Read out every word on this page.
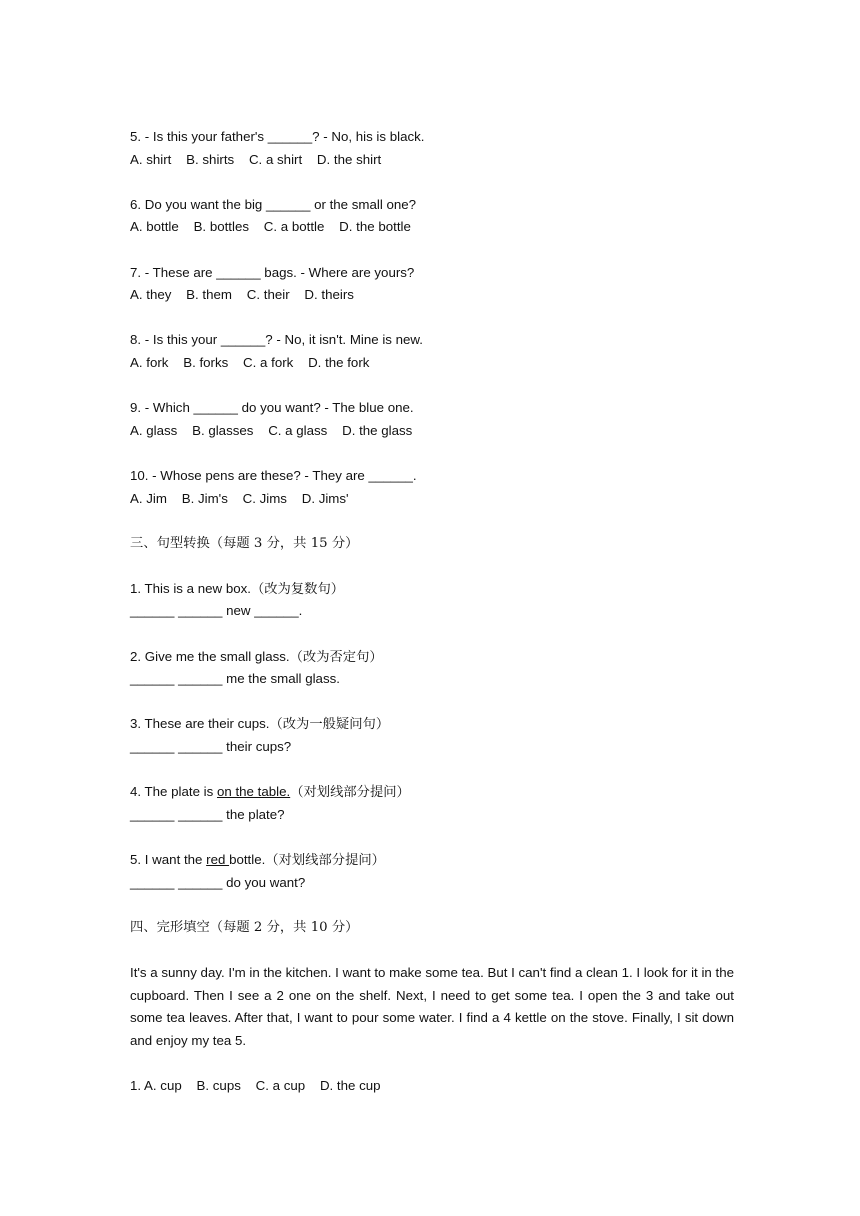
5. - Is this your father's ______? - No, his is black.
A. shirt    B. shirts    C. a shirt    D. the shirt
6. Do you want the big ______ or the small one?
A. bottle    B. bottles    C. a bottle    D. the bottle
7. - These are ______ bags. - Where are yours?
A. they    B. them    C. their    D. theirs
8. - Is this your ______? - No, it isn't. Mine is new.
A. fork    B. forks    C. a fork    D. the fork
9. - Which ______ do you want? - The blue one.
A. glass    B. glasses    C. a glass    D. the glass
10. - Whose pens are these? - They are ______.
A. Jim    B. Jim's    C. Jims    D. Jims'
三、句型转换（每题 3 分，共 15 分）
1. This is a new box.（改为复数句）
______ ______ new ______.
2. Give me the small glass.（改为否定句）
______ ______ me the small glass.
3. These are their cups.（改为一般疑问句）
______ ______ their cups?
4. The plate is on the table.（对划线部分提问）
______ ______ the plate?
5. I want the red bottle.（对划线部分提问）
______ ______ do you want?
四、完形填空（每题 2 分，共 10 分）
It's a sunny day. I'm in the kitchen. I want to make some tea. But I can't find a clean 1. I look for it in the cupboard. Then I see a 2 one on the shelf. Next, I need to get some tea. I open the 3 and take out some tea leaves. After that, I want to pour some water. I find a 4 kettle on the stove. Finally, I sit down and enjoy my tea 5.
1. A. cup    B. cups    C. a cup    D. the cup
